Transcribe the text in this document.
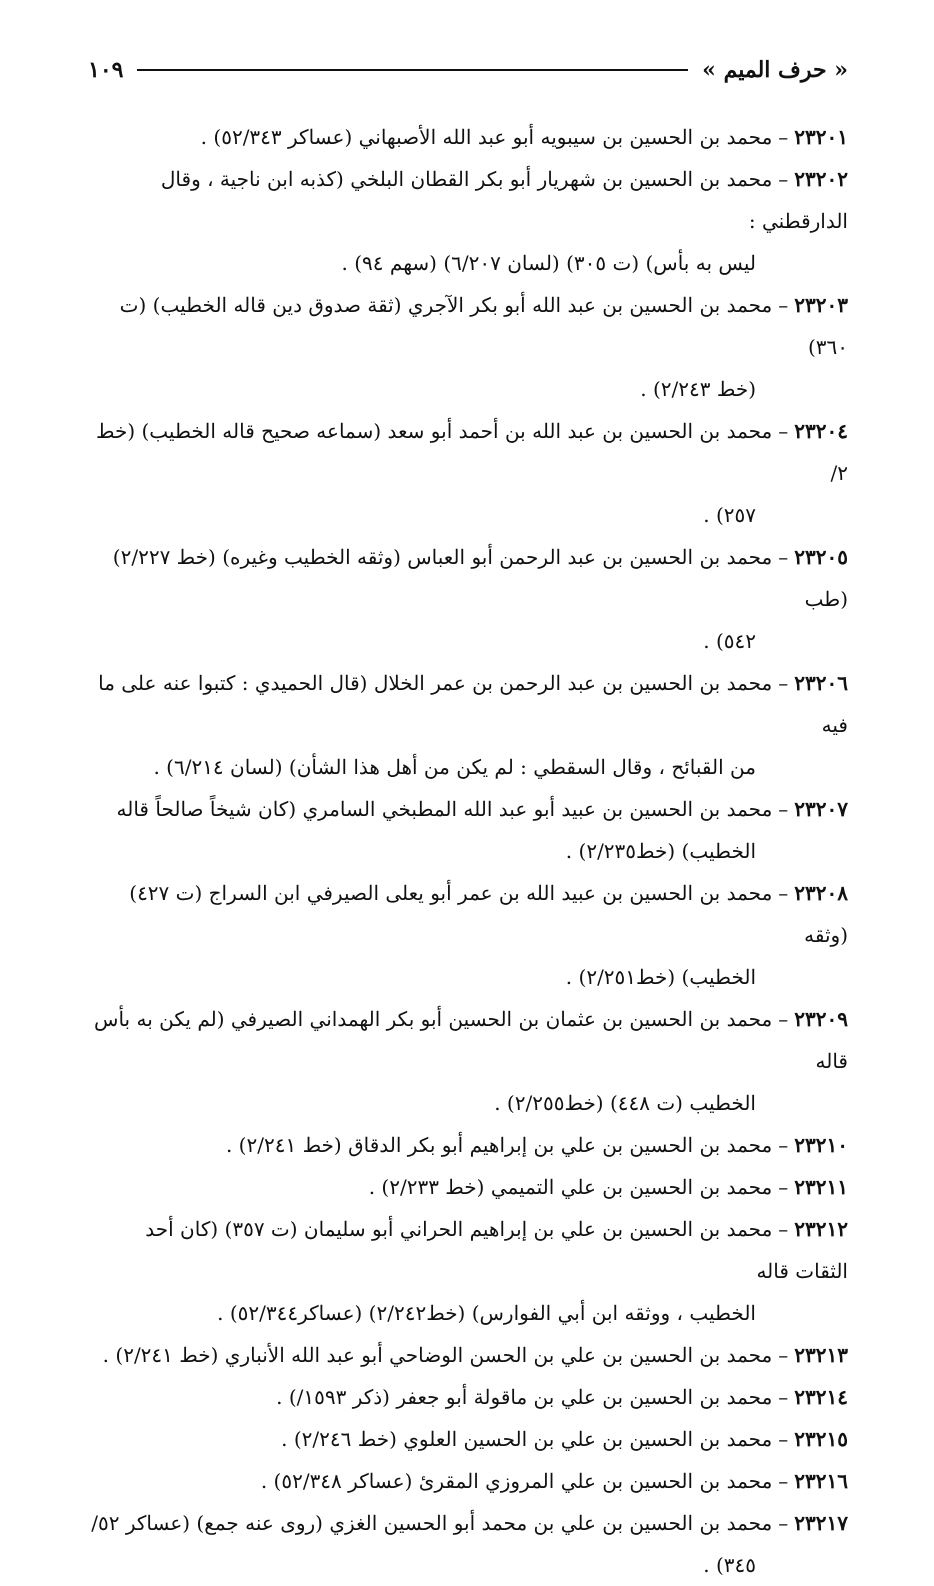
« حرف الميم »
١٠٩

٢٣٢٠١–محمد بن الحسين بن سيبويه أبو عبد الله الأصبهاني (عساكر ٥٢/٣٤٣) .

٢٣٢٠٢–محمد بن الحسين بن شهريار أبو بكر القطان البلخي (كذبه ابن ناجية ، وقال الدارقطني :
ليس به بأس) (ت ٣٠٥) (لسان ٦/٢٠٧) (سهم ٩٤) .

٢٣٢٠٣–محمد بن الحسين بن عبد الله أبو بكر الآجري (ثقة صدوق دين قاله الخطيب) (ت ٣٦٠)
(خط ٢/٢٤٣) .

٢٣٢٠٤–محمد بن الحسين بن عبد الله بن أحمد أبو سعد (سماعه صحيح قاله الخطيب) (خط ٢/
٢٥٧) .

٢٣٢٠٥–محمد بن الحسين بن عبد الرحمن أبو العباس (وثقه الخطيب وغيره) (خط ٢/٢٢٧) (طب
٥٤٢) .

٢٣٢٠٦–محمد بن الحسين بن عبد الرحمن بن عمر الخلال (قال الحميدي : كتبوا عنه على ما فيه
من القبائح ، وقال السقطي : لم يكن من أهل هذا الشأن) (لسان ٦/٢١٤) .

٢٣٢٠٧–محمد بن الحسين بن عبيد أبو عبد الله المطبخي السامري (كان شيخاً صالحاً قاله
الخطيب) (خط٢/٢٣٥) .

٢٣٢٠٨–محمد بن الحسين بن عبيد الله بن عمر أبو يعلى الصيرفي ابن السراج (ت ٤٢٧) (وثقه
الخطيب) (خط٢/٢٥١) .

٢٣٢٠٩–محمد بن الحسين بن عثمان بن الحسين أبو بكر الهمداني الصيرفي (لم يكن به بأس قاله
الخطيب (ت ٤٤٨) (خط٢/٢٥٥) .

٢٣٢١٠–محمد بن الحسين بن علي بن إبراهيم أبو بكر الدقاق (خط ٢/٢٤١) .

٢٣٢١١–محمد بن الحسين بن علي التميمي (خط ٢/٢٣٣) .

٢٣٢١٢–محمد بن الحسين بن علي بن إبراهيم الحراني أبو سليمان (ت ٣٥٧) (كان أحد الثقات قاله
الخطيب ، ووثقه ابن أبي الفوارس) (خط٢/٢٤٢) (عساكر٥٢/٣٤٤) .

٢٣٢١٣–محمد بن الحسين بن علي بن الحسن الوضاحي أبو عبد الله الأنباري (خط ٢/٢٤١) .

٢٣٢١٤–محمد بن الحسين بن علي بن ماقولة أبو جعفر (ذكر ١٥٩٣/) .

٢٣٢١٥–محمد بن الحسين بن علي بن الحسين العلوي (خط ٢/٢٤٦) .

٢٣٢١٦–محمد بن الحسين بن علي المروزي المقرئ (عساكر ٥٢/٣٤٨) .

٢٣٢١٧–محمد بن الحسين بن علي بن محمد أبو الحسين الغزي (روى عنه جمع) (عساكر ٥٢/
٣٤٥) .
